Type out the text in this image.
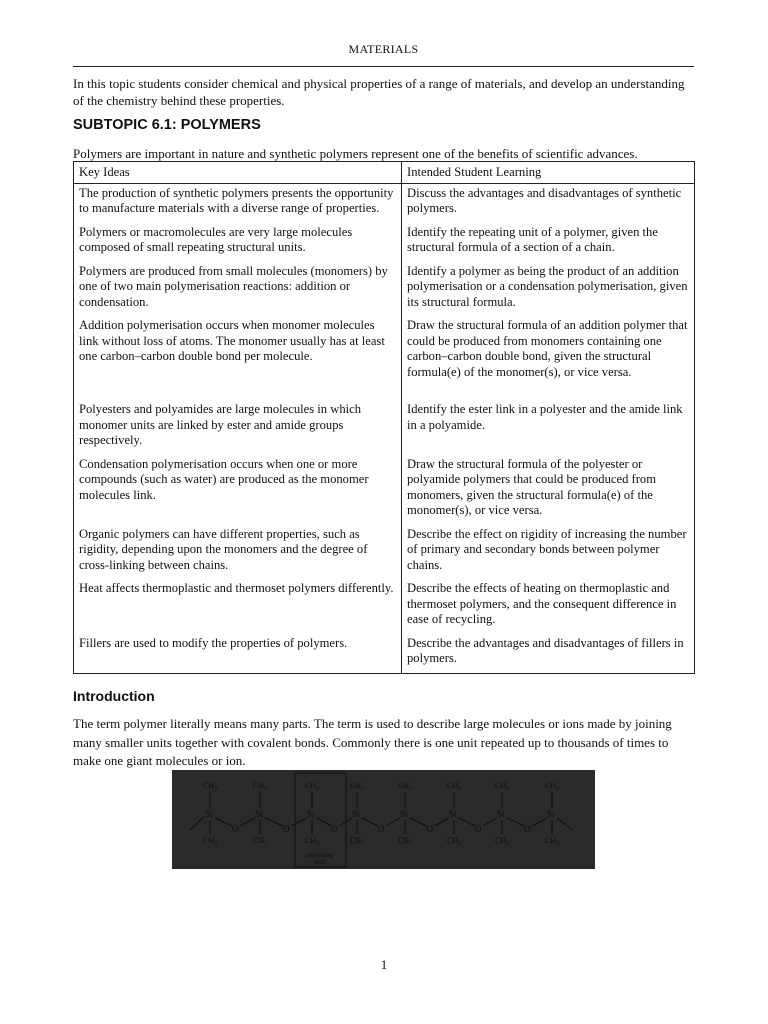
MATERIALS
In this topic students consider chemical and physical properties of a range of materials, and develop an understanding of the chemistry behind these properties.
SUBTOPIC 6.1: POLYMERS
Polymers are important in nature and synthetic polymers represent one of the benefits of scientific advances.
Key Ideas	Intended Student Learning
The production of synthetic polymers presents the opportunity to manufacture materials with a diverse range of properties.	Discuss the advantages and disadvantages of synthetic polymers.
Polymers or macromolecules are very large molecules composed of small repeating structural units.	Identify the repeating unit of a polymer, given the structural formula of a section of a chain.
Polymers are produced from small molecules (monomers) by one of two main polymerisation reactions: addition or condensation.	Identify a polymer as being the product of an addition polymerisation or a condensation polymerisation, given its structural formula.
Addition polymerisation occurs when monomer molecules link without loss of atoms. The monomer usually has at least one carbon–carbon double bond per molecule.	Draw the structural formula of an addition polymer that could be produced from monomers containing one carbon–carbon double bond, given the structural formula(e) of the monomer(s), or vice versa.
Polyesters and polyamides are large molecules in which monomer units are linked by ester and amide groups respectively.	Identify the ester link in a polyester and the amide link in a polyamide.
Condensation polymerisation occurs when one or more compounds (such as water) are produced as the monomer molecules link.	Draw the structural formula of the polyester or polyamide polymers that could be produced from monomers, given the structural formula(e) of the monomer(s), or vice versa.
Organic polymers can have different properties, such as rigidity, depending upon the monomers and the degree of cross-linking between chains.	Describe the effect on rigidity of increasing the number of primary and secondary bonds between polymer chains.
Heat affects thermoplastic and thermoset polymers differently.	Describe the effects of heating on thermoplastic and thermoset polymers, and the consequent difference in ease of recycling.
Fillers are used to modify the properties of polymers.	Describe the advantages and disadvantages of fillers in polymers.
Introduction
The term polymer literally means many parts. The term is used to describe large molecules or ions made by joining many smaller units together with covalent bonds. Commonly there is one unit repeated up to thousands of times to make one giant molecules or ion.
Si
$CH_3$
$CH_3$
O
Si
$CH_3$
$CH_3$
O
Si
$CH_3$
$CH_3$
O
Si
$CH_3$
$CH_3$
O
Si
$CH_3$
$CH_3$
O
Si
$CH_3$
$CH_3$
O
Si
$CH_3$
$CH_3$
O
Si
$CH_3$
$CH_3$
repeating
unit
1
